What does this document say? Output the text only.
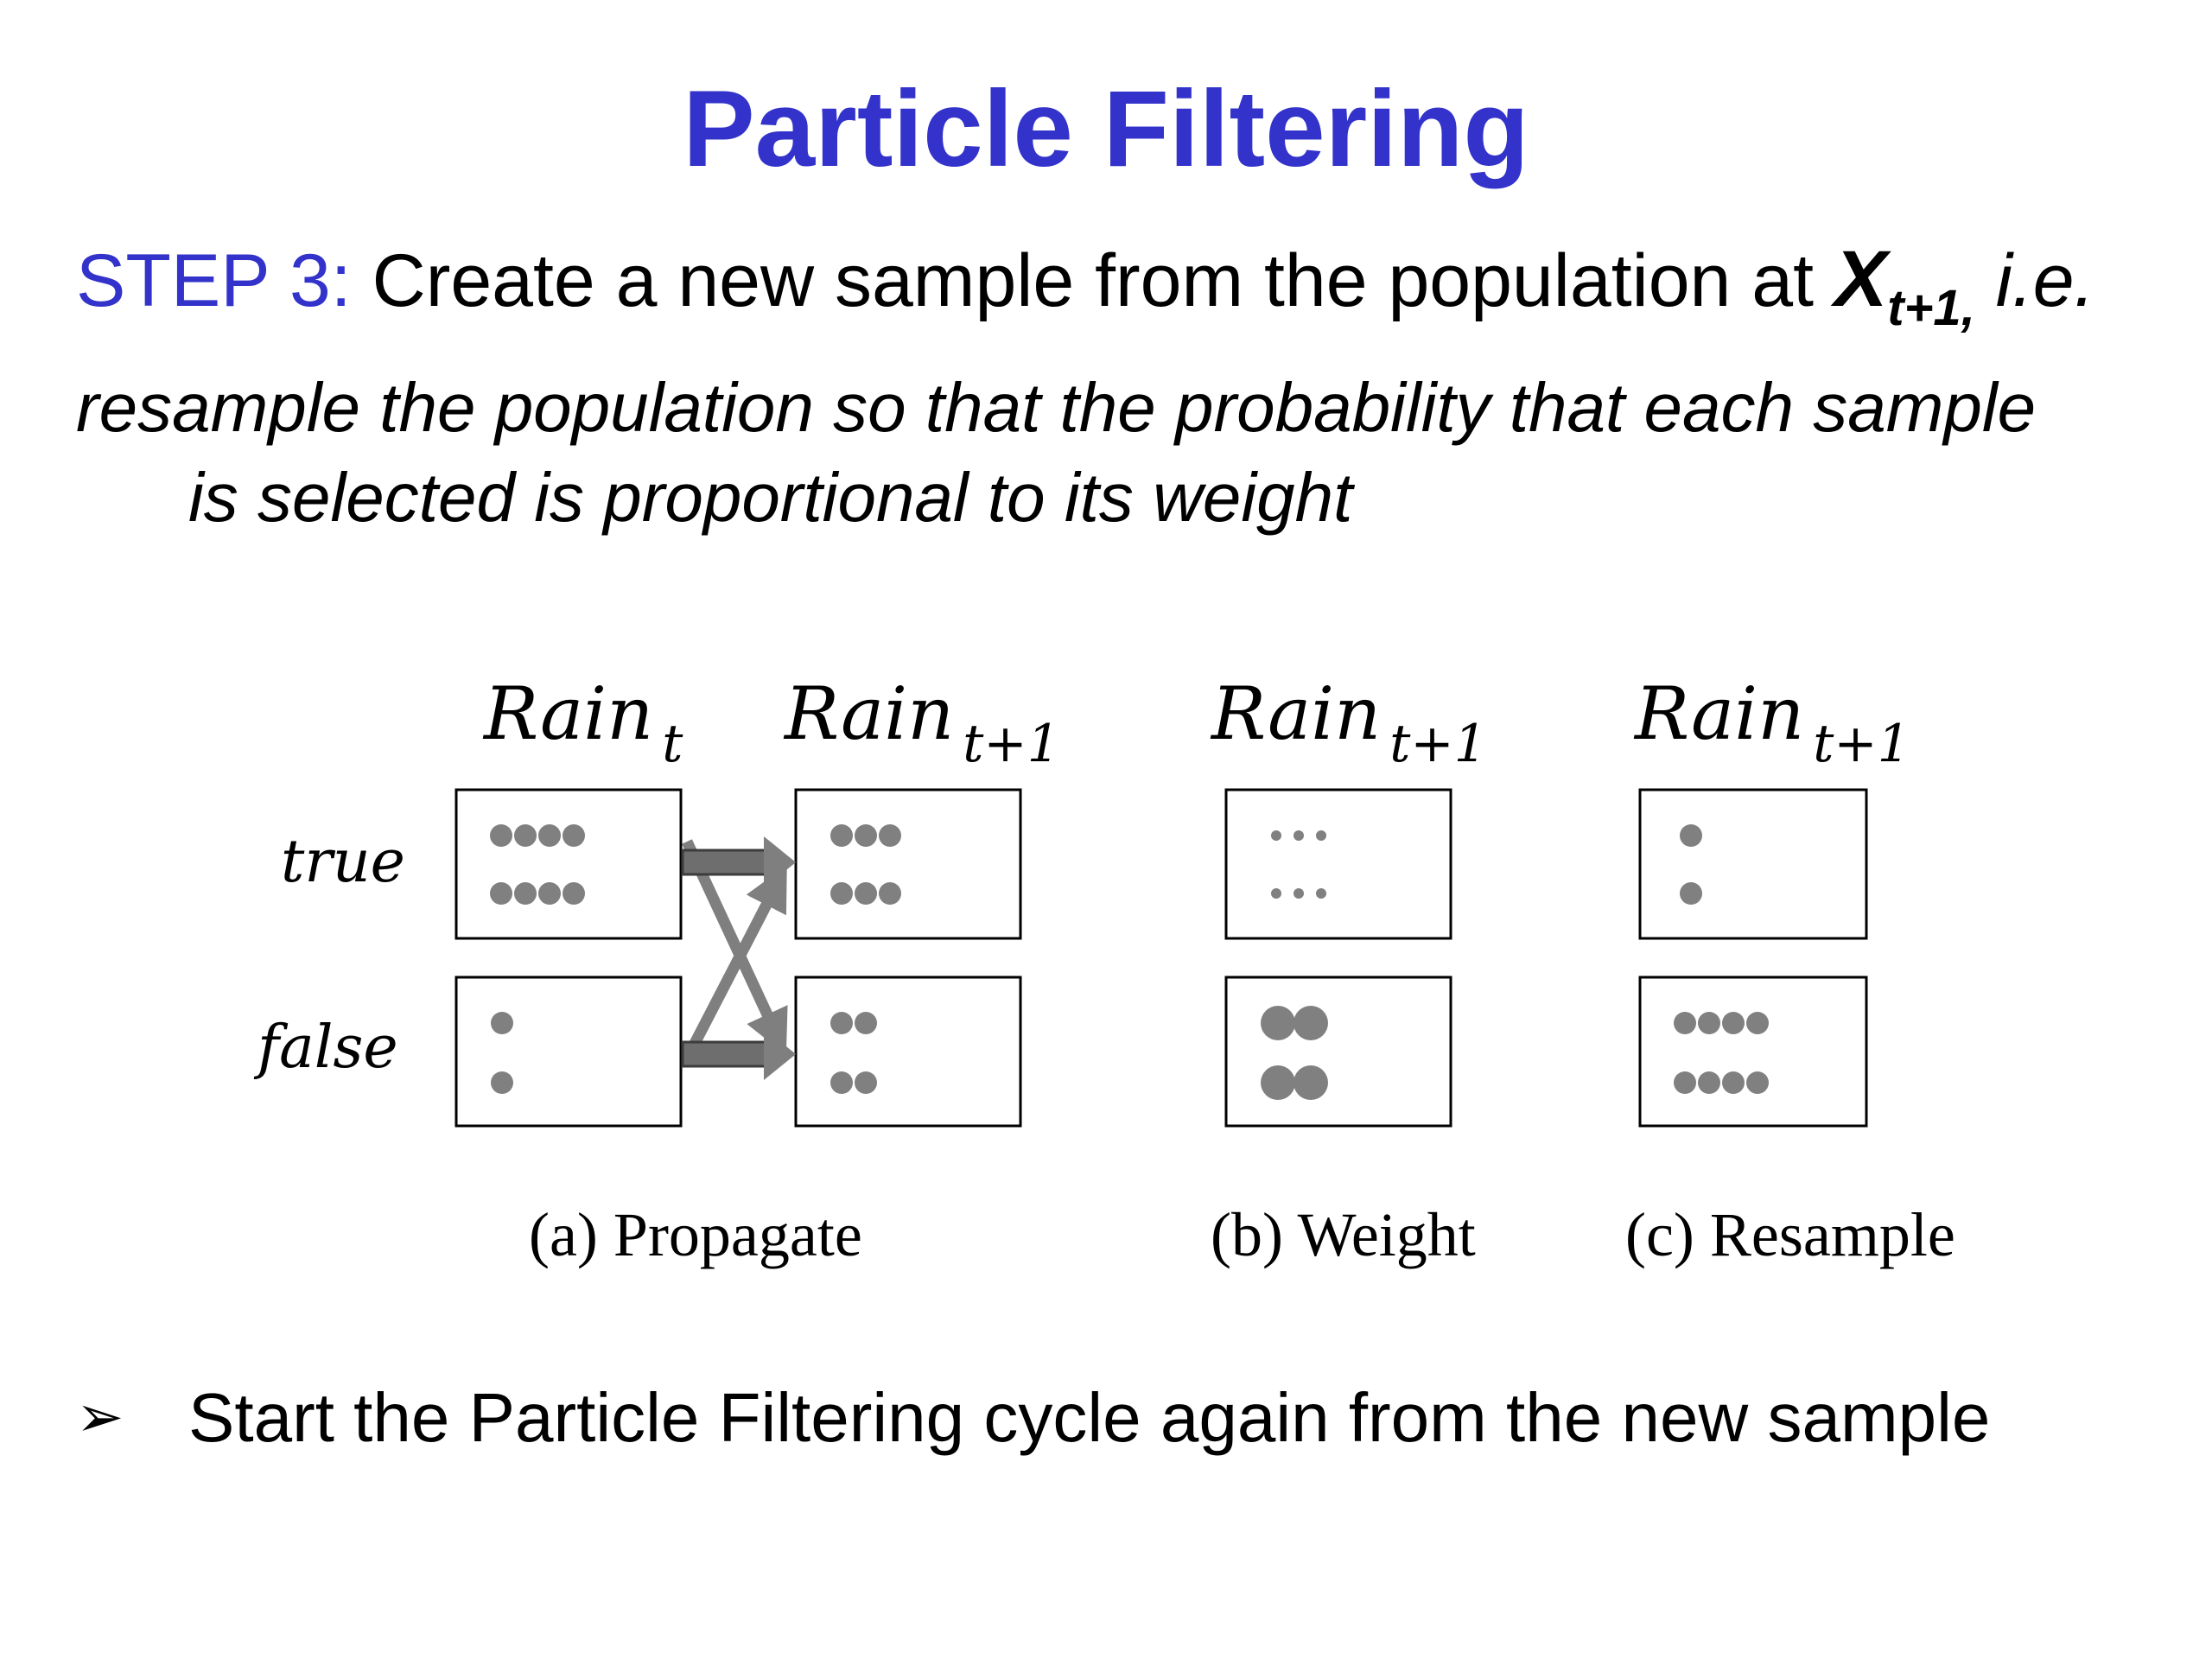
Particle Filtering
STEP 3: Create a new sample from the population at $X_{t+1,}$ i.e.

resample the population so that the probability that each sample
is selected is proportional to its weight

Rain $_t$ Rain $_{t+1}$ Rain $_{t+1}$ Rain $_{t+1}$
true
false
(a) Propagate	(b) Weight (c) Resample
➢ Start the Particle Filtering cycle again from the new sample
